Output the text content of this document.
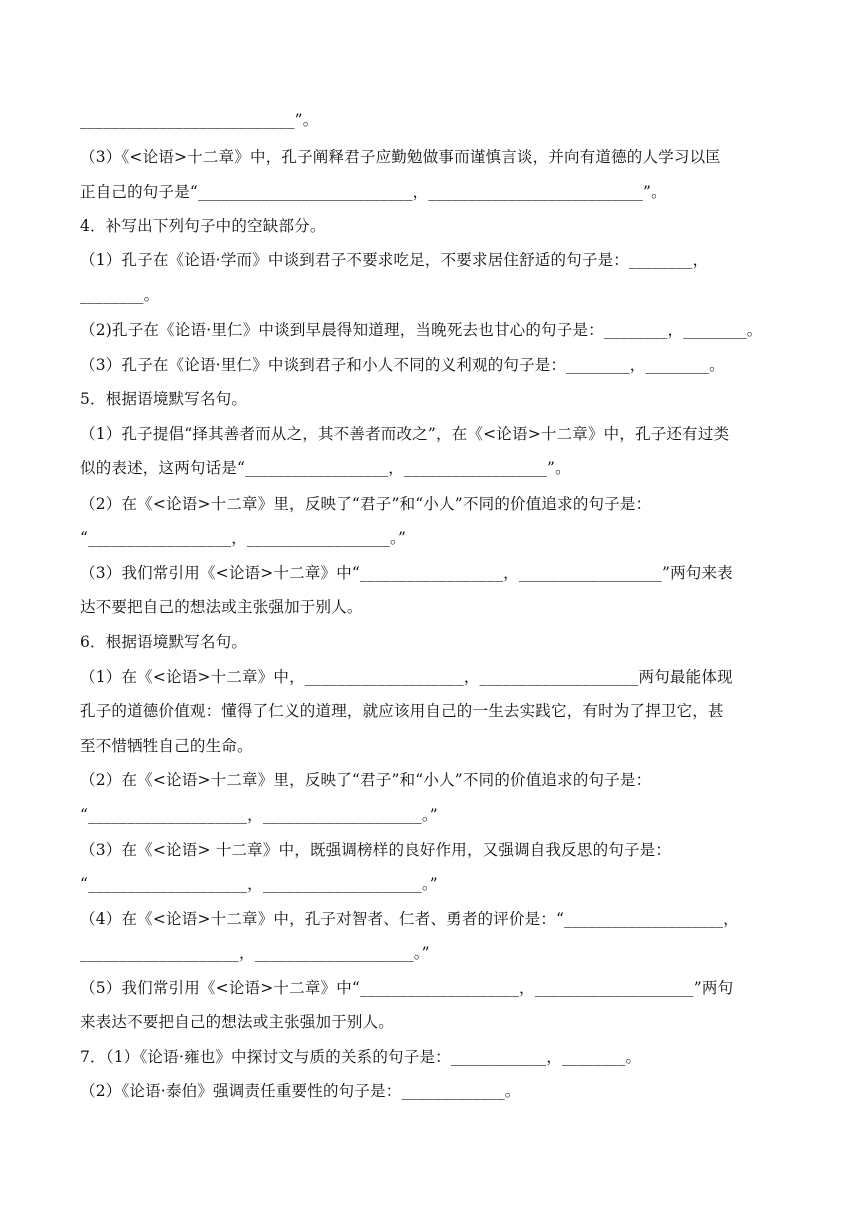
___________________________”。
（3）《<论语>十二章》中，孔子阐释君子应勤勉做事而谨慎言谈，并向有道德的人学习以匡
正自己的句子是“___________________________，___________________________”。
4．补写出下列句子中的空缺部分。
（1）孔子在《论语·学而》中谈到君子不要求吃足，不要求居住舒适的句子是：________，
________。
（2)孔子在《论语·里仁》中谈到早晨得知道理，当晚死去也甘心的句子是：________，________。
（3）孔子在《论语·里仁》中谈到君子和小人不同的义利观的句子是：________，________。
5．根据语境默写名句。
（1）孔子提倡“择其善者而从之，其不善者而改之”，在《<论语>十二章》中，孔子还有过类
似的表述，这两句话是“__________________，__________________”。
（2）在《<论语>十二章》里，反映了“君子”和“小人”不同的价值追求的句子是：
“__________________，__________________。”
（3）我们常引用《<论语>十二章》中“__________________，__________________”两句来表
达不要把自己的想法或主张强加于别人。
6．根据语境默写名句。
（1）在《<论语>十二章》中，____________________，____________________两句最能体现
孔子的道德价值观：懂得了仁义的道理，就应该用自己的一生去实践它，有时为了捍卫它，甚
至不惜牺牲自己的生命。
（2）在《<论语>十二章》里，反映了“君子”和“小人”不同的价值追求的句子是：
“____________________，____________________。”
（3）在《<论语> 十二章》中，既强调榜样的良好作用，又强调自我反思的句子是：
“____________________，____________________。”
（4）在《<论语>十二章》中，孔子对智者、仁者、勇者的评价是：“____________________，
____________________，____________________。”
（5）我们常引用《<论语>十二章》中“____________________，____________________”两句
来表达不要把自己的想法或主张强加于别人。
7．（1）《论语·雍也》中探讨文与质的关系的句子是：____________，________。
（2）《论语·泰伯》强调责任重要性的句子是：_____________。
